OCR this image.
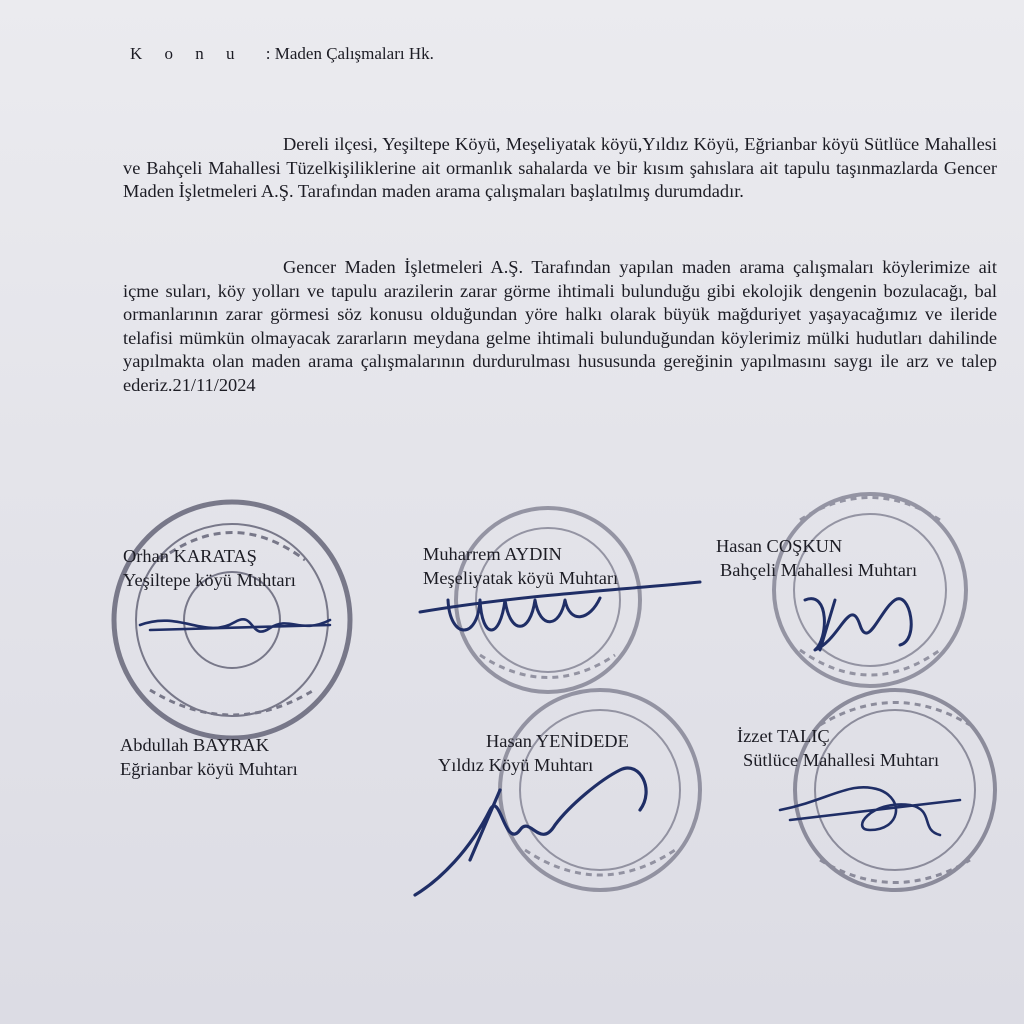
K o n u : Maden Çalışmaları Hk.

Dereli ilçesi, Yeşiltepe Köyü, Meşeliyatak köyü,Yıldız Köyü, Eğrianbar köyü Sütlüce Mahallesi ve Bahçeli Mahallesi Tüzelkişiliklerine ait ormanlık sahalarda ve bir kısım şahıslara ait tapulu taşınmazlarda Gencer Maden İşletmeleri A.Ş. Tarafından maden arama çalışmaları başlatılmış durumdadır.

Gencer Maden İşletmeleri A.Ş. Tarafından yapılan maden arama çalışmaları köylerimize ait içme suları, köy yolları ve tapulu arazilerin zarar görme ihtimali bulunduğu gibi ekolojik dengenin bozulacağı, bal ormanlarının zarar görmesi söz konusu olduğundan yöre halkı olarak büyük mağduriyet yaşayacağımız ve ileride telafisi mümkün olmayacak zararların meydana gelme ihtimali bulunduğundan köylerimiz mülki hudutları dahilinde yapılmakta olan maden arama çalışmalarının durdurulması hususunda gereğinin yapılmasını saygı ile arz ve talep ederiz.21/11/2024

Orhan KARATAŞ
Yeşiltepe köyü Muhtarı
Muharrem AYDIN
Meşeliyatak köyü Muhtarı
Hasan COŞKUN
Bahçeli Mahallesi Muhtarı
Abdullah BAYRAK
Eğrianbar köyü Muhtarı
Hasan YENİDEDE
Yıldız Köyü Muhtarı
İzzet TALIÇ
Sütlüce Mahallesi Muhtarı
